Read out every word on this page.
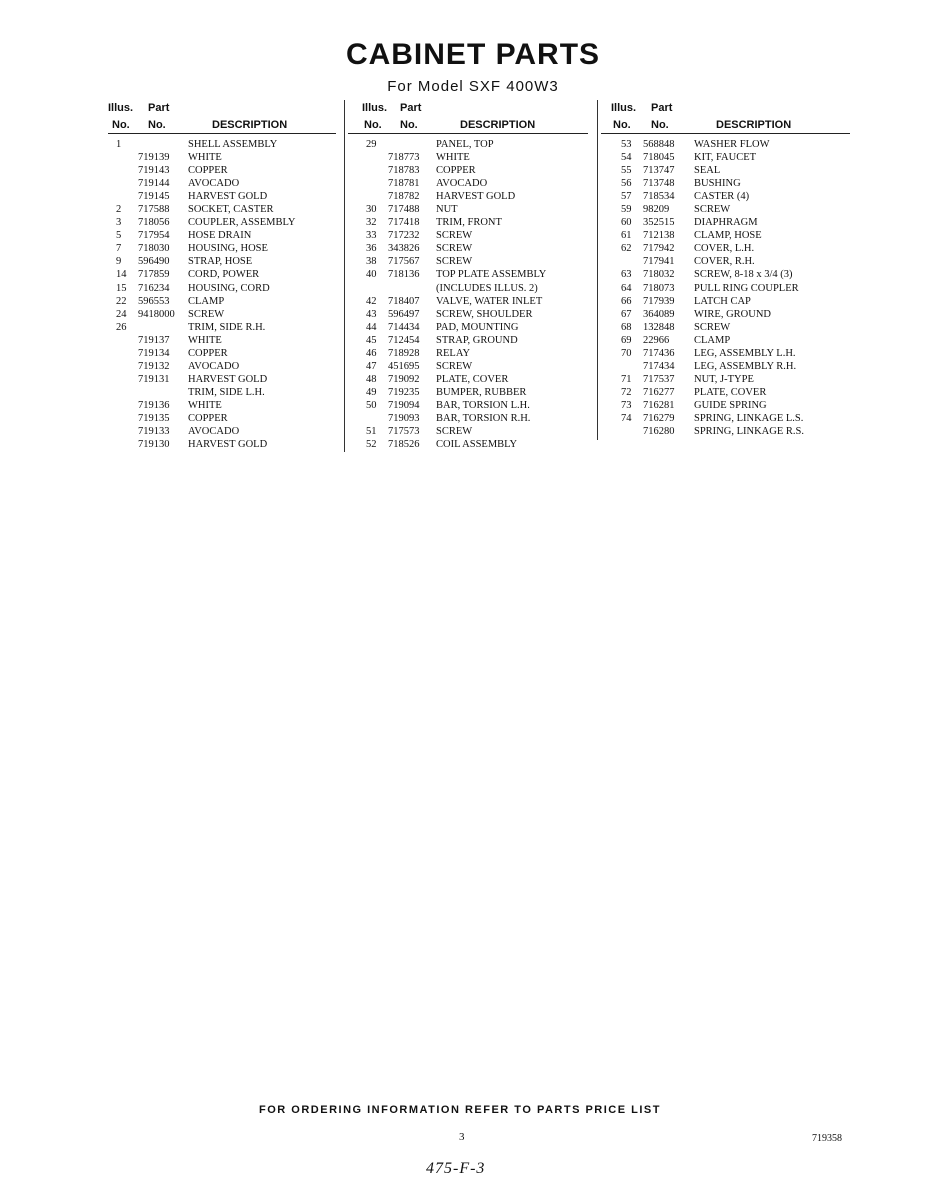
CABINET PARTS
For Model SXF 400W3
Illus. Part
No. No.	DESCRIPTION
1	SHELL ASSEMBLY
719139 WHITE
719143 COPPER
719144 AVOCADO
719145 HARVEST GOLD
2 717588 SOCKET, CASTER
3 718056 COUPLER, ASSEMBLY
5 717954 HOSE DRAIN
7 718030 HOUSING, HOSE
9 596490 STRAP, HOSE
14 717859 CORD, POWER
15 716234 HOUSING, CORD
22 596553 CLAMP
24 9418000 SCREW
26	TRIM, SIDE R.H.
719137 WHITE
719134 COPPER
719132 AVOCADO
719131 HARVEST GOLD
TRIM, SIDE L.H.
719136 WHITE
719135 COPPER
719133 AVOCADO
719130 HARVEST GOLD
Illus. Part
No. No.	DESCRIPTION
29	PANEL, TOP
718773 WHITE
718783 COPPER
718781 AVOCADO
718782 HARVEST GOLD
30 717488 NUT
32 717418 TRIM, FRONT
33 717232 SCREW
36 343826 SCREW
38 717567 SCREW
40 718136 TOP PLATE ASSEMBLY
(INCLUDES ILLUS. 2)
42 718407 VALVE, WATER INLET
43 596497 SCREW, SHOULDER
44 714434 PAD, MOUNTING
45 712454 STRAP, GROUND
46 718928 RELAY
47 451695 SCREW
48 719092 PLATE, COVER
49 719235 BUMPER, RUBBER
50 719094 BAR, TORSION L.H.
719093 BAR, TORSION R.H.
51 717573 SCREW
52 718526 COIL ASSEMBLY
Illus. Part
No. No.	DESCRIPTION
53 568848 WASHER FLOW
54 718045 KIT, FAUCET
55 713747 SEAL
56 713748 BUSHING
57 718534 CASTER (4)
59 98209 SCREW
60 352515 DIAPHRAGM
61 712138 CLAMP, HOSE
62 717942 COVER, L.H.
717941 COVER, R.H.
63 718032 SCREW, 8-18 x 3/4 (3)
64 718073 PULL RING COUPLER
66 717939 LATCH CAP
67 364089 WIRE, GROUND
68 132848 SCREW
69 22966 CLAMP
70 717436 LEG, ASSEMBLY L.H.
717434 LEG, ASSEMBLY R.H.
71 717537 NUT, J-TYPE
72 716277 PLATE, COVER
73 716281 GUIDE SPRING
74 716279 SPRING, LINKAGE L.S.
716280 SPRING, LINKAGE R.S.
FOR ORDERING INFORMATION REFER TO PARTS PRICE LIST
3	719358
475-F-3
